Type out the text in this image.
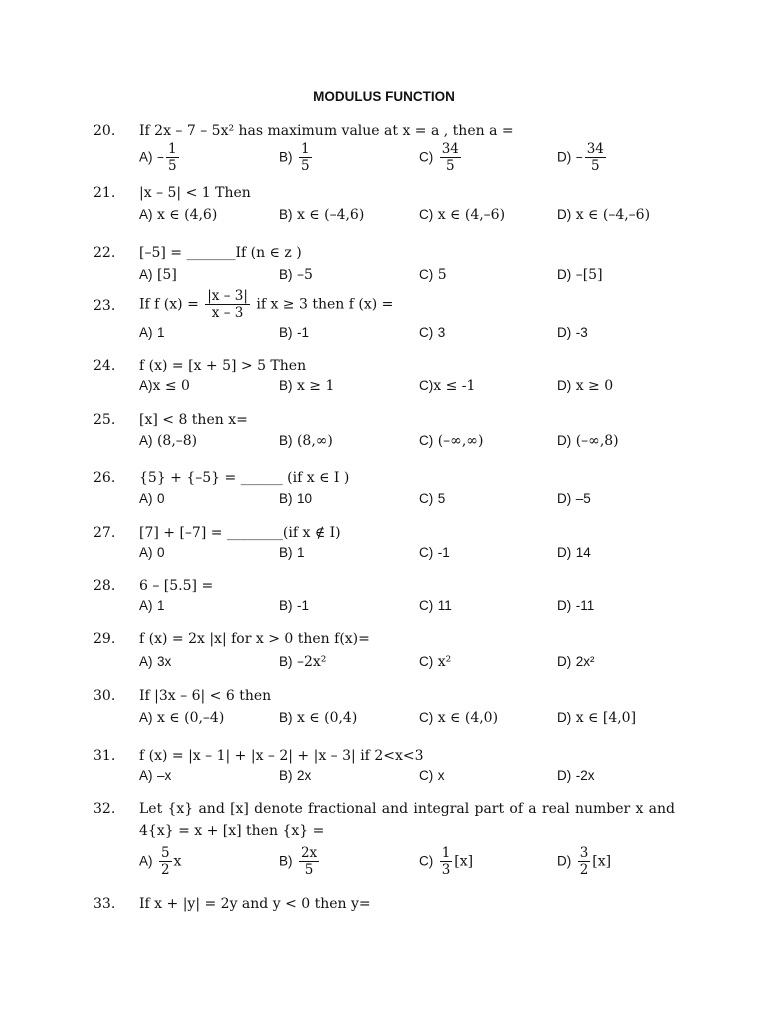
MODULUS FUNCTION
20. If 2x – 7 – 5x² has maximum value at x = a , then a =
$A) - \frac{1}{5}$	$B) \frac{1}{5}$	$C) \frac{34}{5}$	$D) - \frac{34}{5}$
21. |x – 5| < 1 Then
A) x ∈ (4,6)	B) x ∈ (–4,6)	C) x ∈ (4,–6)	D) x ∈ (–4,–6)
22. [–5] = _______If (n ∈ z )
A) [5]	B) –5	C) 5	D) –[5]
23. If f $(x) = \frac{|x - 3|}{x - 3}$ if x ≥ 3 then f (x) =
A) 1	B) -1	C) 3	D) -3
24. f (x) = [x + 5] > 5 Then
A)x ≤ 0	B) x ≥ 1	C)x ≤ -1	D) x ≥ 0
25. [x] < 8 then x=
A) (8,–8)	B) (8,∞)	C) (–∞,∞)	D) (–∞,8)
26. {5} + {–5} = ______ (if x ∈ I )
A) 0	B) 10	C) 5	D) –5
27. [7] + [–7] = ________(if x ∉ I)
A) 0	B) 1	C) -1	D) 14
28. 6 – [5.5] =
A) 1	B) -1	C) 11	D) -11
29. f (x) = 2x |x| for x > 0 then f(x)=
A) 3x	B) –2x²	C) x²	D) 2x²
30. If |3x – 6| < 6 then
A) x ∈ (0,–4)	B) x ∈ (0,4)	C) x ∈ (4,0)	D) x ∈ [4,0]
31. f (x) = |x – 1| + |x – 2| + |x – 3| if 2<x<3
A) –x	B) 2x	C) x	D) -2x
32. Let {x} and [x] denote fractional and integral part of a real number x and
4{x} = x + [x] then {x} =
$A) \frac{5}{2}$ x	$B) \frac{2x}{5}$	$C) \frac{1}{3} [x]$	$D) \frac{3}{2} [x]$
33. If x + |y| = 2y and y < 0 then y=
